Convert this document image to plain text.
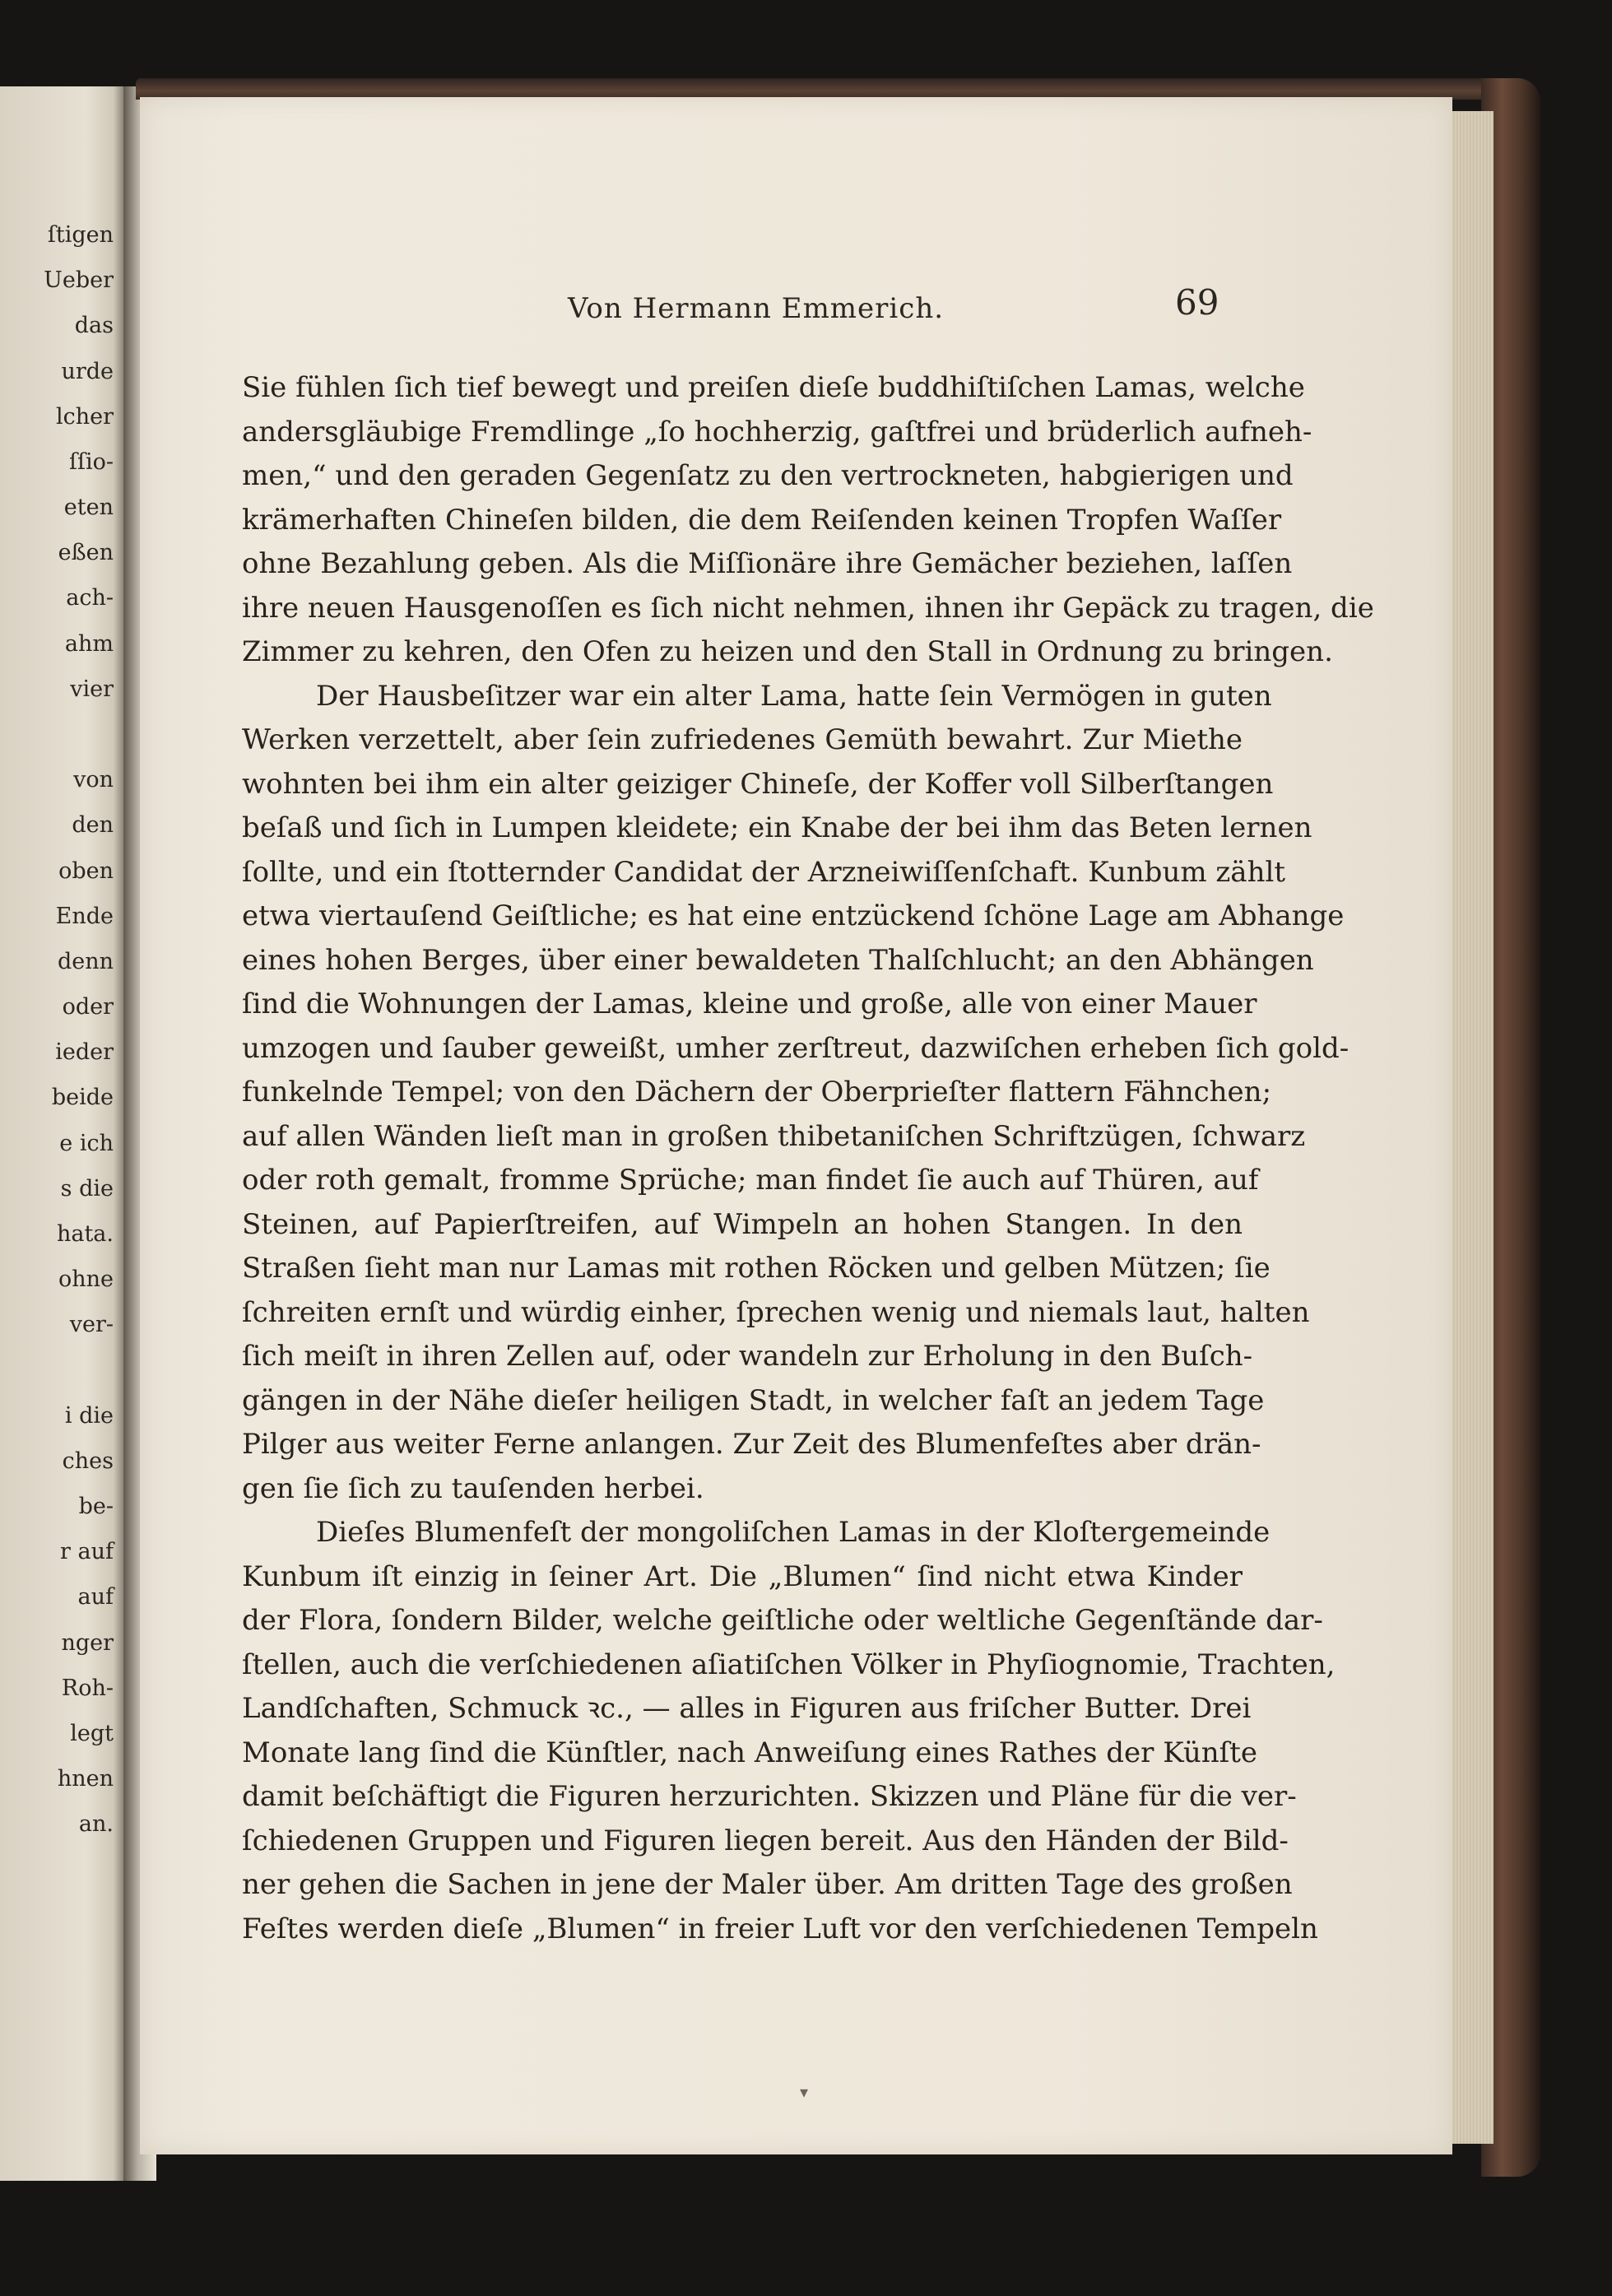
ſtigen
Ueber
das
urde
lcher
ſſio-
eten
eßen
ach-
ahm
vier
von
den
oben
Ende
denn
oder
ieder
beide
e ich
s die
hata.
ohne
ver-
i die
ches
be-
r auf
auf
nger
Roh-
legt
hnen
an.
Von Hermann Emmerich.	69
Sie fühlen ſich tief bewegt und preiſen dieſe buddhiſtiſchen Lamas, welche
andersgläubige Fremdlinge „ſo hochherzig, gaſtfrei und brüderlich aufneh-
men,“ und den geraden Gegenſatz zu den vertrockneten, habgierigen und
krämerhaften Chineſen bilden, die dem Reiſenden keinen Tropfen Waſſer
ohne Bezahlung geben. Als die Miſſionäre ihre Gemächer beziehen, laſſen
ihre neuen Hausgenoſſen es ſich nicht nehmen, ihnen ihr Gepäck zu tragen, die
Zimmer zu kehren, den Ofen zu heizen und den Stall in Ordnung zu bringen.
Der Hausbeſitzer war ein alter Lama, hatte ſein Vermögen in guten
Werken verzettelt, aber ſein zufriedenes Gemüth bewahrt. Zur Miethe
wohnten bei ihm ein alter geiziger Chineſe, der Koffer voll Silberſtangen
beſaß und ſich in Lumpen kleidete; ein Knabe der bei ihm das Beten lernen
ſollte, und ein ſtotternder Candidat der Arzneiwiſſenſchaft. Kunbum zählt
etwa viertauſend Geiſtliche; es hat eine entzückend ſchöne Lage am Abhange
eines hohen Berges, über einer bewaldeten Thalſchlucht; an den Abhängen
ſind die Wohnungen der Lamas, kleine und große, alle von einer Mauer
umzogen und ſauber geweißt, umher zerſtreut, dazwiſchen erheben ſich gold-
funkelnde Tempel; von den Dächern der Oberprieſter flattern Fähnchen;
auf allen Wänden lieſt man in großen thibetaniſchen Schriftzügen, ſchwarz
oder roth gemalt, fromme Sprüche; man findet ſie auch auf Thüren, auf
Steinen, auf Papierſtreifen, auf Wimpeln an hohen Stangen. In den
Straßen ſieht man nur Lamas mit rothen Röcken und gelben Mützen; ſie
ſchreiten ernſt und würdig einher, ſprechen wenig und niemals laut, halten
ſich meiſt in ihren Zellen auf, oder wandeln zur Erholung in den Buſch-
gängen in der Nähe dieſer heiligen Stadt, in welcher faſt an jedem Tage
Pilger aus weiter Ferne anlangen. Zur Zeit des Blumenfeſtes aber drän-
gen ſie ſich zu tauſenden herbei.
Dieſes Blumenfeſt der mongoliſchen Lamas in der Kloſtergemeinde
Kunbum iſt einzig in ſeiner Art. Die „Blumen“ ſind nicht etwa Kinder
der Flora, ſondern Bilder, welche geiſtliche oder weltliche Gegenſtände dar-
ſtellen, auch die verſchiedenen aſiatiſchen Völker in Phyſiognomie, Trachten,
Landſchaften, Schmuck ꝛc., — alles in Figuren aus friſcher Butter. Drei
Monate lang ſind die Künſtler, nach Anweiſung eines Rathes der Künſte
damit beſchäftigt die Figuren herzurichten. Skizzen und Pläne für die ver-
ſchiedenen Gruppen und Figuren liegen bereit. Aus den Händen der Bild-
ner gehen die Sachen in jene der Maler über. Am dritten Tage des großen
Feſtes werden dieſe „Blumen“ in freier Luft vor den verſchiedenen Tempeln
▾
